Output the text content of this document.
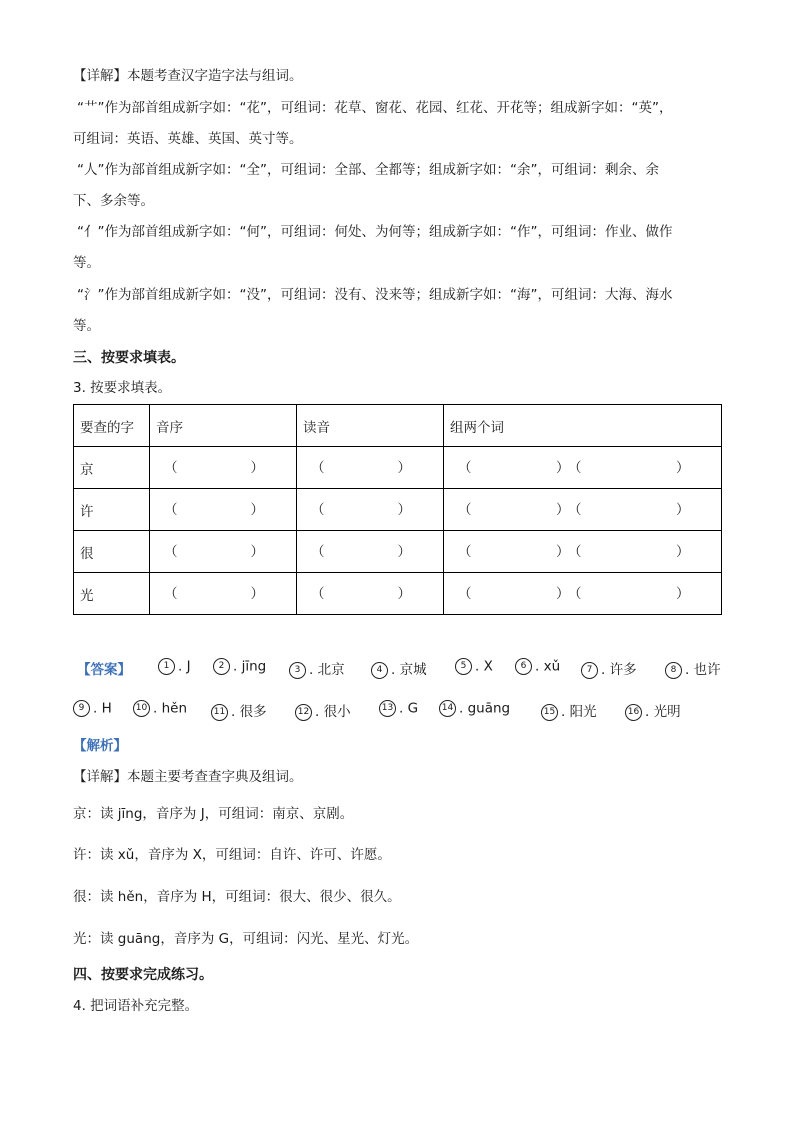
【详解】本题考查汉字造字法与组词。
“艹”作为部首组成新字如：“花”，可组词：花草、窗花、花园、红花、开花等；组成新字如：“英”，
可组词：英语、英雄、英国、英寸等。
“人”作为部首组成新字如：“全”，可组词：全部、全都等；组成新字如：“余”，可组词：剩余、余
下、多余等。
“亻”作为部首组成新字如：“何”，可组词：何处、为何等；组成新字如：“作”，可组词：作业、做作
等。
“氵”作为部首组成新字如：“没”，可组词：没有、没来等；组成新字如：“海”，可组词：大海、海水
等。
三、按要求填表。
3. 按要求填表。
要查的字	音序	读音	组两个词
京	（ ）	（ ）	（ ）
（ ）

许	（ ）	（ ）	（ ）
（ ）

很	（ ）	（ ）	（ ）
（ ）

光	（ ）	（ ）	（ ）
（ ）
【答案】	1 . J	2 . jīng	3 . 北京	4 . 京城	5 . X	6 . xǔ	7 . 许多	8 . 也许
9 . H	10 . hěn	11 . 很多	12 . 很小	13 . G	14 . guāng	15 . 阳光	16 . 光明
【解析】
【详解】本题主要考查查字典及组词。
京：读 jīng，音序为 J，可组词：南京、京剧。
许：读 xǔ，音序为 X，可组词：自许、许可、许愿。
很：读 hěn，音序为 H，可组词：很大、很少、很久。
光：读 guāng，音序为 G，可组词：闪光、星光、灯光。
四、按要求完成练习。
4. 把词语补充完整。
